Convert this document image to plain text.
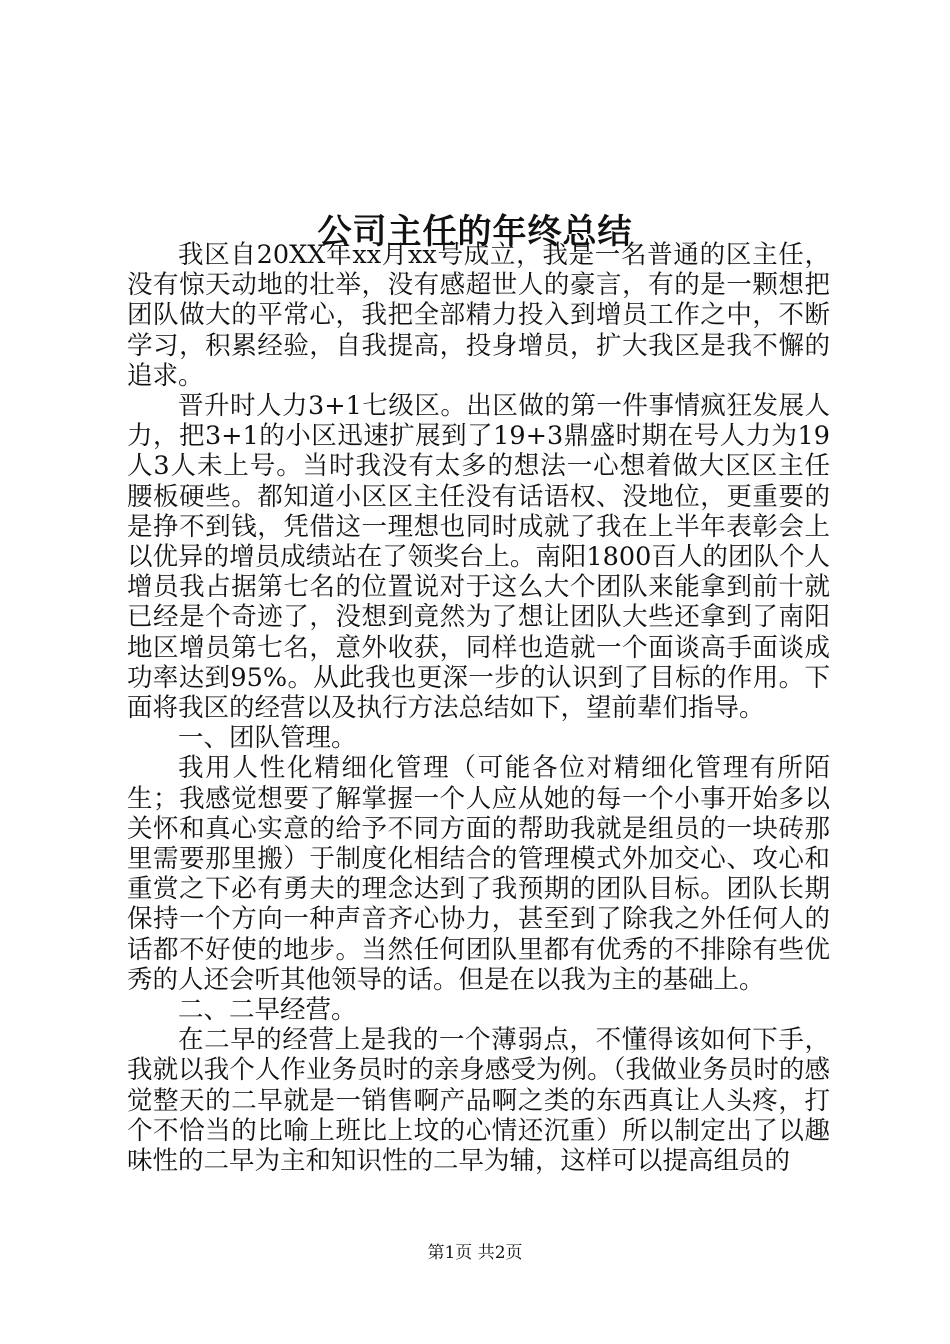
公司主任的年终总结

我区自20XX年xx月xx号成立，我是一名普通的区主任，没有惊天动地的壮举，没有感超世人的豪言，有的是一颗想把团队做大的平常心，我把全部精力投入到增员工作之中，不断学习，积累经验，自我提高，投身增员，扩大我区是我不懈的追求。

晋升时人力3+1七级区。出区做的第一件事情疯狂发展人力，把3+1的小区迅速扩展到了19+3鼎盛时期在号人力为19人3人未上号。当时我没有太多的想法一心想着做大区区主任腰板硬些。都知道小区区主任没有话语权、没地位，更重要的是挣不到钱，凭借这一理想也同时成就了我在上半年表彰会上以优异的增员成绩站在了领奖台上。南阳1800百人的团队个人增员我占据第七名的位置说对于这么大个团队来能拿到前十就已经是个奇迹了，没想到竟然为了想让团队大些还拿到了南阳地区增员第七名，意外收获，同样也造就一个面谈高手面谈成功率达到95%。从此我也更深一步的认识到了目标的作用。下面将我区的经营以及执行方法总结如下，望前辈们指导。

一、团队管理。

我用人性化精细化管理（可能各位对精细化管理有所陌生；我感觉想要了解掌握一个人应从她的每一个小事开始多以关怀和真心实意的给予不同方面的帮助我就是组员的一块砖那里需要那里搬）于制度化相结合的管理模式外加交心、攻心和重赏之下必有勇夫的理念达到了我预期的团队目标。团队长期保持一个方向一种声音齐心协力，甚至到了除我之外任何人的话都不好使的地步。当然任何团队里都有优秀的不排除有些优秀的人还会听其他领导的话。但是在以我为主的基础上。

二、二早经营。

在二早的经营上是我的一个薄弱点，不懂得该如何下手，我就以我个人作业务员时的亲身感受为例。（我做业务员时的感觉整天的二早就是一销售啊产品啊之类的东西真让人头疼，打个不恰当的比喻上班比上坟的心情还沉重）所以制定出了以趣味性的二早为主和知识性的二早为辅，这样可以提高组员的

第1页 共2页
